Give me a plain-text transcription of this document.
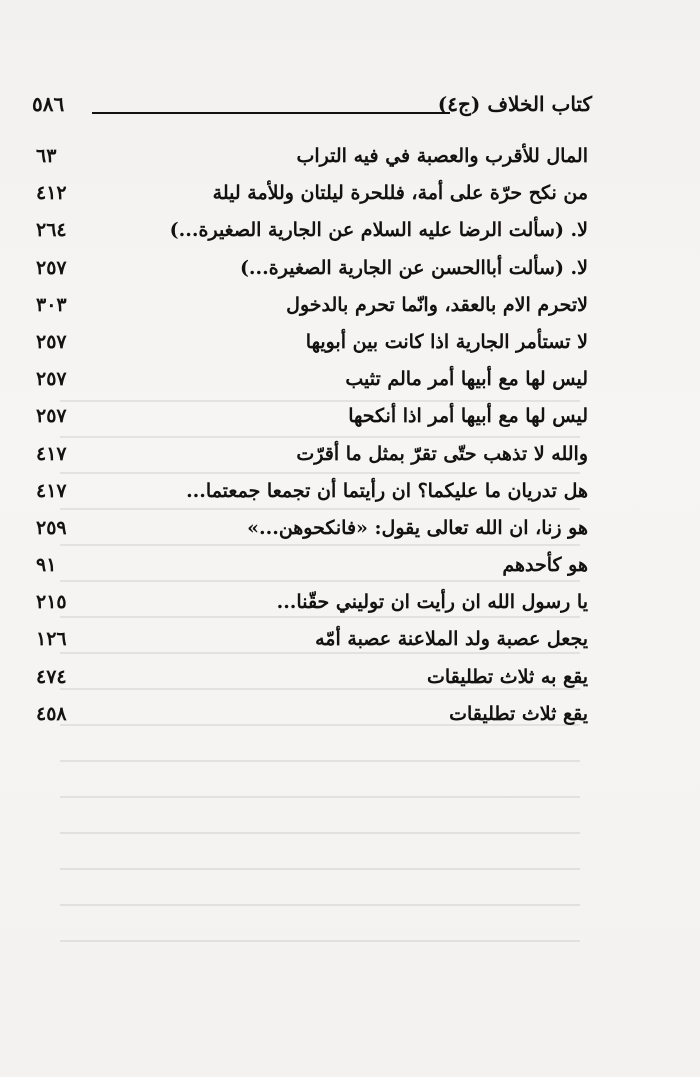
كتاب الخلاف (ج٤)
٥٨٦
المال للأقرب والعصبة في فيه التراب
٦٣
من نكح حرّة على أمة، فللحرة ليلتان وللأمة ليلة
٤١٢
لا. (سألت الرضا عليه السلام عن الجارية الصغيرة...)
٢٦٤
لا. (سألت أباالحسن عن الجارية الصغيرة...)
٢٥٧
لاتحرم الام بالعقد، وانّما تحرم بالدخول
٣٠٣
لا تستأمر الجارية اذا كانت بين أبويها
٢٥٧
ليس لها مع أبيها أمر مالم تثيب
٢٥٧
ليس لها مع أبيها أمر اذا أنكحها
٢٥٧
والله لا تذهب حتّى تقرّ بمثل ما أقرّت
٤١٧
هل تدريان ما عليكما؟ ان رأيتما أن تجمعا جمعتما...
٤١٧
هو زنا، ان الله تعالى يقول: «فانكحوهن...»
٢٥٩
هو كأحدهم
٩١
يا رسول الله ان رأيت ان توليني حقّنا...
٢١٥
يجعل عصبة ولد الملاعنة عصبة أمّه
١٢٦
يقع به ثلاث تطليقات
٤٧٤
يقع ثلاث تطليقات
٤٥٨
